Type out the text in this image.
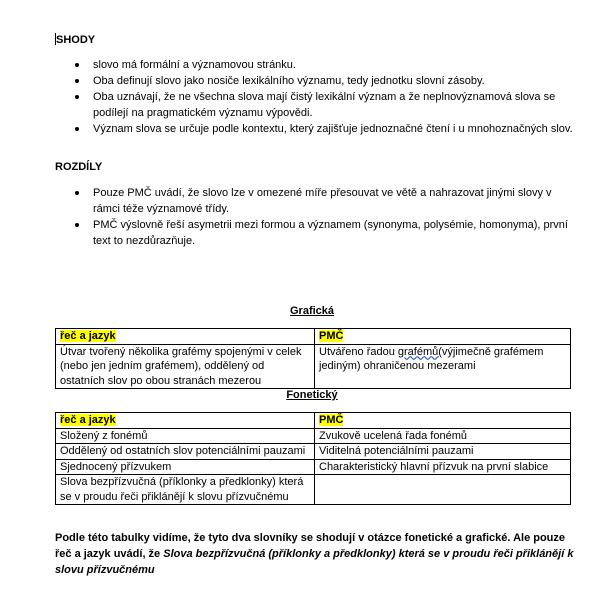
SHODY
slovo má formální a významovou stránku.
Oba definují slovo jako nosiče lexikálního významu, tedy jednotku slovní zásoby.
Oba uznávají, že ne všechna slova mají čistý lexikální význam a že neplnovýznamová slova se podílejí na pragmatickém významu výpovědi.
Význam slova se určuje podle kontextu, který zajišťuje jednoznačné čtení i u mnohoznačných slov.
ROZDÍLY
Pouze PMČ uvádí, že slovo lze v omezené míře přesouvat ve větě a nahrazovat jinými slovy v rámci téže významové třídy.
PMČ výslovně řeší asymetrii mezi formou a významem (synonyma, polysémie, homonyma), první text to nezdůrazňuje.
Grafická
řeč a jazyk	PMČ
Útvar tvořený několika grafémy spojenými v celek (nebo jen jedním grafémem), oddělený od ostatních slov po obou stranách mezerou	Utvářeno řadou grafémů(výjimečně grafémem jediným) ohraničenou mezerami
Fonetický
řeč a jazyk	PMČ
Složený z fonémů	Zvukově ucelená řada fonémů
Oddělený od ostatních slov potenciálními pauzami	Viditelná potenciálními pauzami
Sjednocený přízvukem	Charakteristický hlavní přízvuk na první slabice
Slova bezpřízvučná (příklonky a předklonky) která se v proudu řeči přiklánějí k slovu přízvučnému	
Podle této tabulky vidíme, že tyto dva slovníky se shodují v otázce fonetické a grafické. Ale pouze řeč a jazyk uvádí, že Slova bezpřízvučná (příklonky a předklonky) která se v proudu řeči přiklánějí k slovu přízvučnému
